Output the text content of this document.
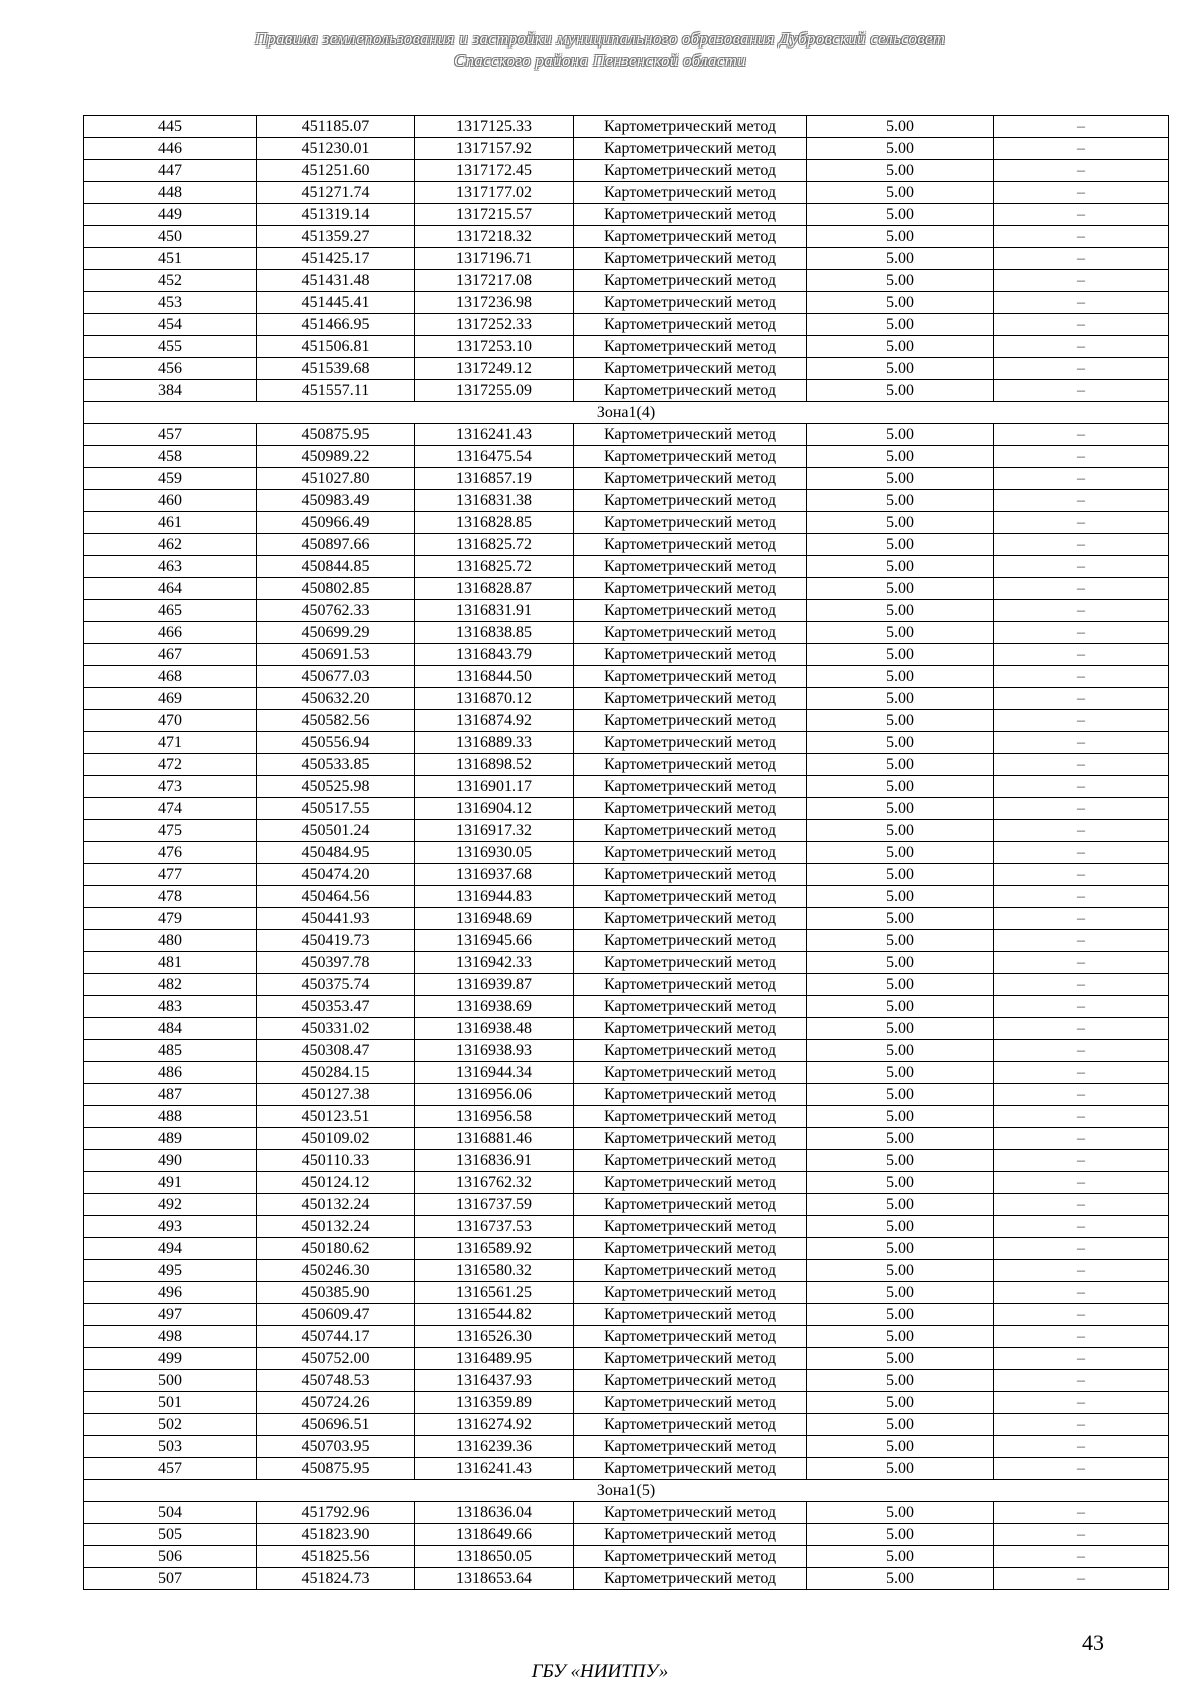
Правила землепользования и застройки муниципального образования Дубровский сельсовет
Спасского района Пензенской области
445	451185.07	1317125.33	Картометрический метод	5.00	–
446	451230.01	1317157.92	Картометрический метод	5.00	–
447	451251.60	1317172.45	Картометрический метод	5.00	–
448	451271.74	1317177.02	Картометрический метод	5.00	–
449	451319.14	1317215.57	Картометрический метод	5.00	–
450	451359.27	1317218.32	Картометрический метод	5.00	–
451	451425.17	1317196.71	Картометрический метод	5.00	–
452	451431.48	1317217.08	Картометрический метод	5.00	–
453	451445.41	1317236.98	Картометрический метод	5.00	–
454	451466.95	1317252.33	Картометрический метод	5.00	–
455	451506.81	1317253.10	Картометрический метод	5.00	–
456	451539.68	1317249.12	Картометрический метод	5.00	–
384	451557.11	1317255.09	Картометрический метод	5.00	–
Зона1(4)					
457	450875.95	1316241.43	Картометрический метод	5.00	–
458	450989.22	1316475.54	Картометрический метод	5.00	–
459	451027.80	1316857.19	Картометрический метод	5.00	–
460	450983.49	1316831.38	Картометрический метод	5.00	–
461	450966.49	1316828.85	Картометрический метод	5.00	–
462	450897.66	1316825.72	Картометрический метод	5.00	–
463	450844.85	1316825.72	Картометрический метод	5.00	–
464	450802.85	1316828.87	Картометрический метод	5.00	–
465	450762.33	1316831.91	Картометрический метод	5.00	–
466	450699.29	1316838.85	Картометрический метод	5.00	–
467	450691.53	1316843.79	Картометрический метод	5.00	–
468	450677.03	1316844.50	Картометрический метод	5.00	–
469	450632.20	1316870.12	Картометрический метод	5.00	–
470	450582.56	1316874.92	Картометрический метод	5.00	–
471	450556.94	1316889.33	Картометрический метод	5.00	–
472	450533.85	1316898.52	Картометрический метод	5.00	–
473	450525.98	1316901.17	Картометрический метод	5.00	–
474	450517.55	1316904.12	Картометрический метод	5.00	–
475	450501.24	1316917.32	Картометрический метод	5.00	–
476	450484.95	1316930.05	Картометрический метод	5.00	–
477	450474.20	1316937.68	Картометрический метод	5.00	–
478	450464.56	1316944.83	Картометрический метод	5.00	–
479	450441.93	1316948.69	Картометрический метод	5.00	–
480	450419.73	1316945.66	Картометрический метод	5.00	–
481	450397.78	1316942.33	Картометрический метод	5.00	–
482	450375.74	1316939.87	Картометрический метод	5.00	–
483	450353.47	1316938.69	Картометрический метод	5.00	–
484	450331.02	1316938.48	Картометрический метод	5.00	–
485	450308.47	1316938.93	Картометрический метод	5.00	–
486	450284.15	1316944.34	Картометрический метод	5.00	–
487	450127.38	1316956.06	Картометрический метод	5.00	–
488	450123.51	1316956.58	Картометрический метод	5.00	–
489	450109.02	1316881.46	Картометрический метод	5.00	–
490	450110.33	1316836.91	Картометрический метод	5.00	–
491	450124.12	1316762.32	Картометрический метод	5.00	–
492	450132.24	1316737.59	Картометрический метод	5.00	–
493	450132.24	1316737.53	Картометрический метод	5.00	–
494	450180.62	1316589.92	Картометрический метод	5.00	–
495	450246.30	1316580.32	Картометрический метод	5.00	–
496	450385.90	1316561.25	Картометрический метод	5.00	–
497	450609.47	1316544.82	Картометрический метод	5.00	–
498	450744.17	1316526.30	Картометрический метод	5.00	–
499	450752.00	1316489.95	Картометрический метод	5.00	–
500	450748.53	1316437.93	Картометрический метод	5.00	–
501	450724.26	1316359.89	Картометрический метод	5.00	–
502	450696.51	1316274.92	Картометрический метод	5.00	–
503	450703.95	1316239.36	Картометрический метод	5.00	–
457	450875.95	1316241.43	Картометрический метод	5.00	–
Зона1(5)					
504	451792.96	1318636.04	Картометрический метод	5.00	–
505	451823.90	1318649.66	Картометрический метод	5.00	–
506	451825.56	1318650.05	Картометрический метод	5.00	–
507	451824.73	1318653.64	Картометрический метод	5.00	–
43
ГБУ «НИИТПУ»
